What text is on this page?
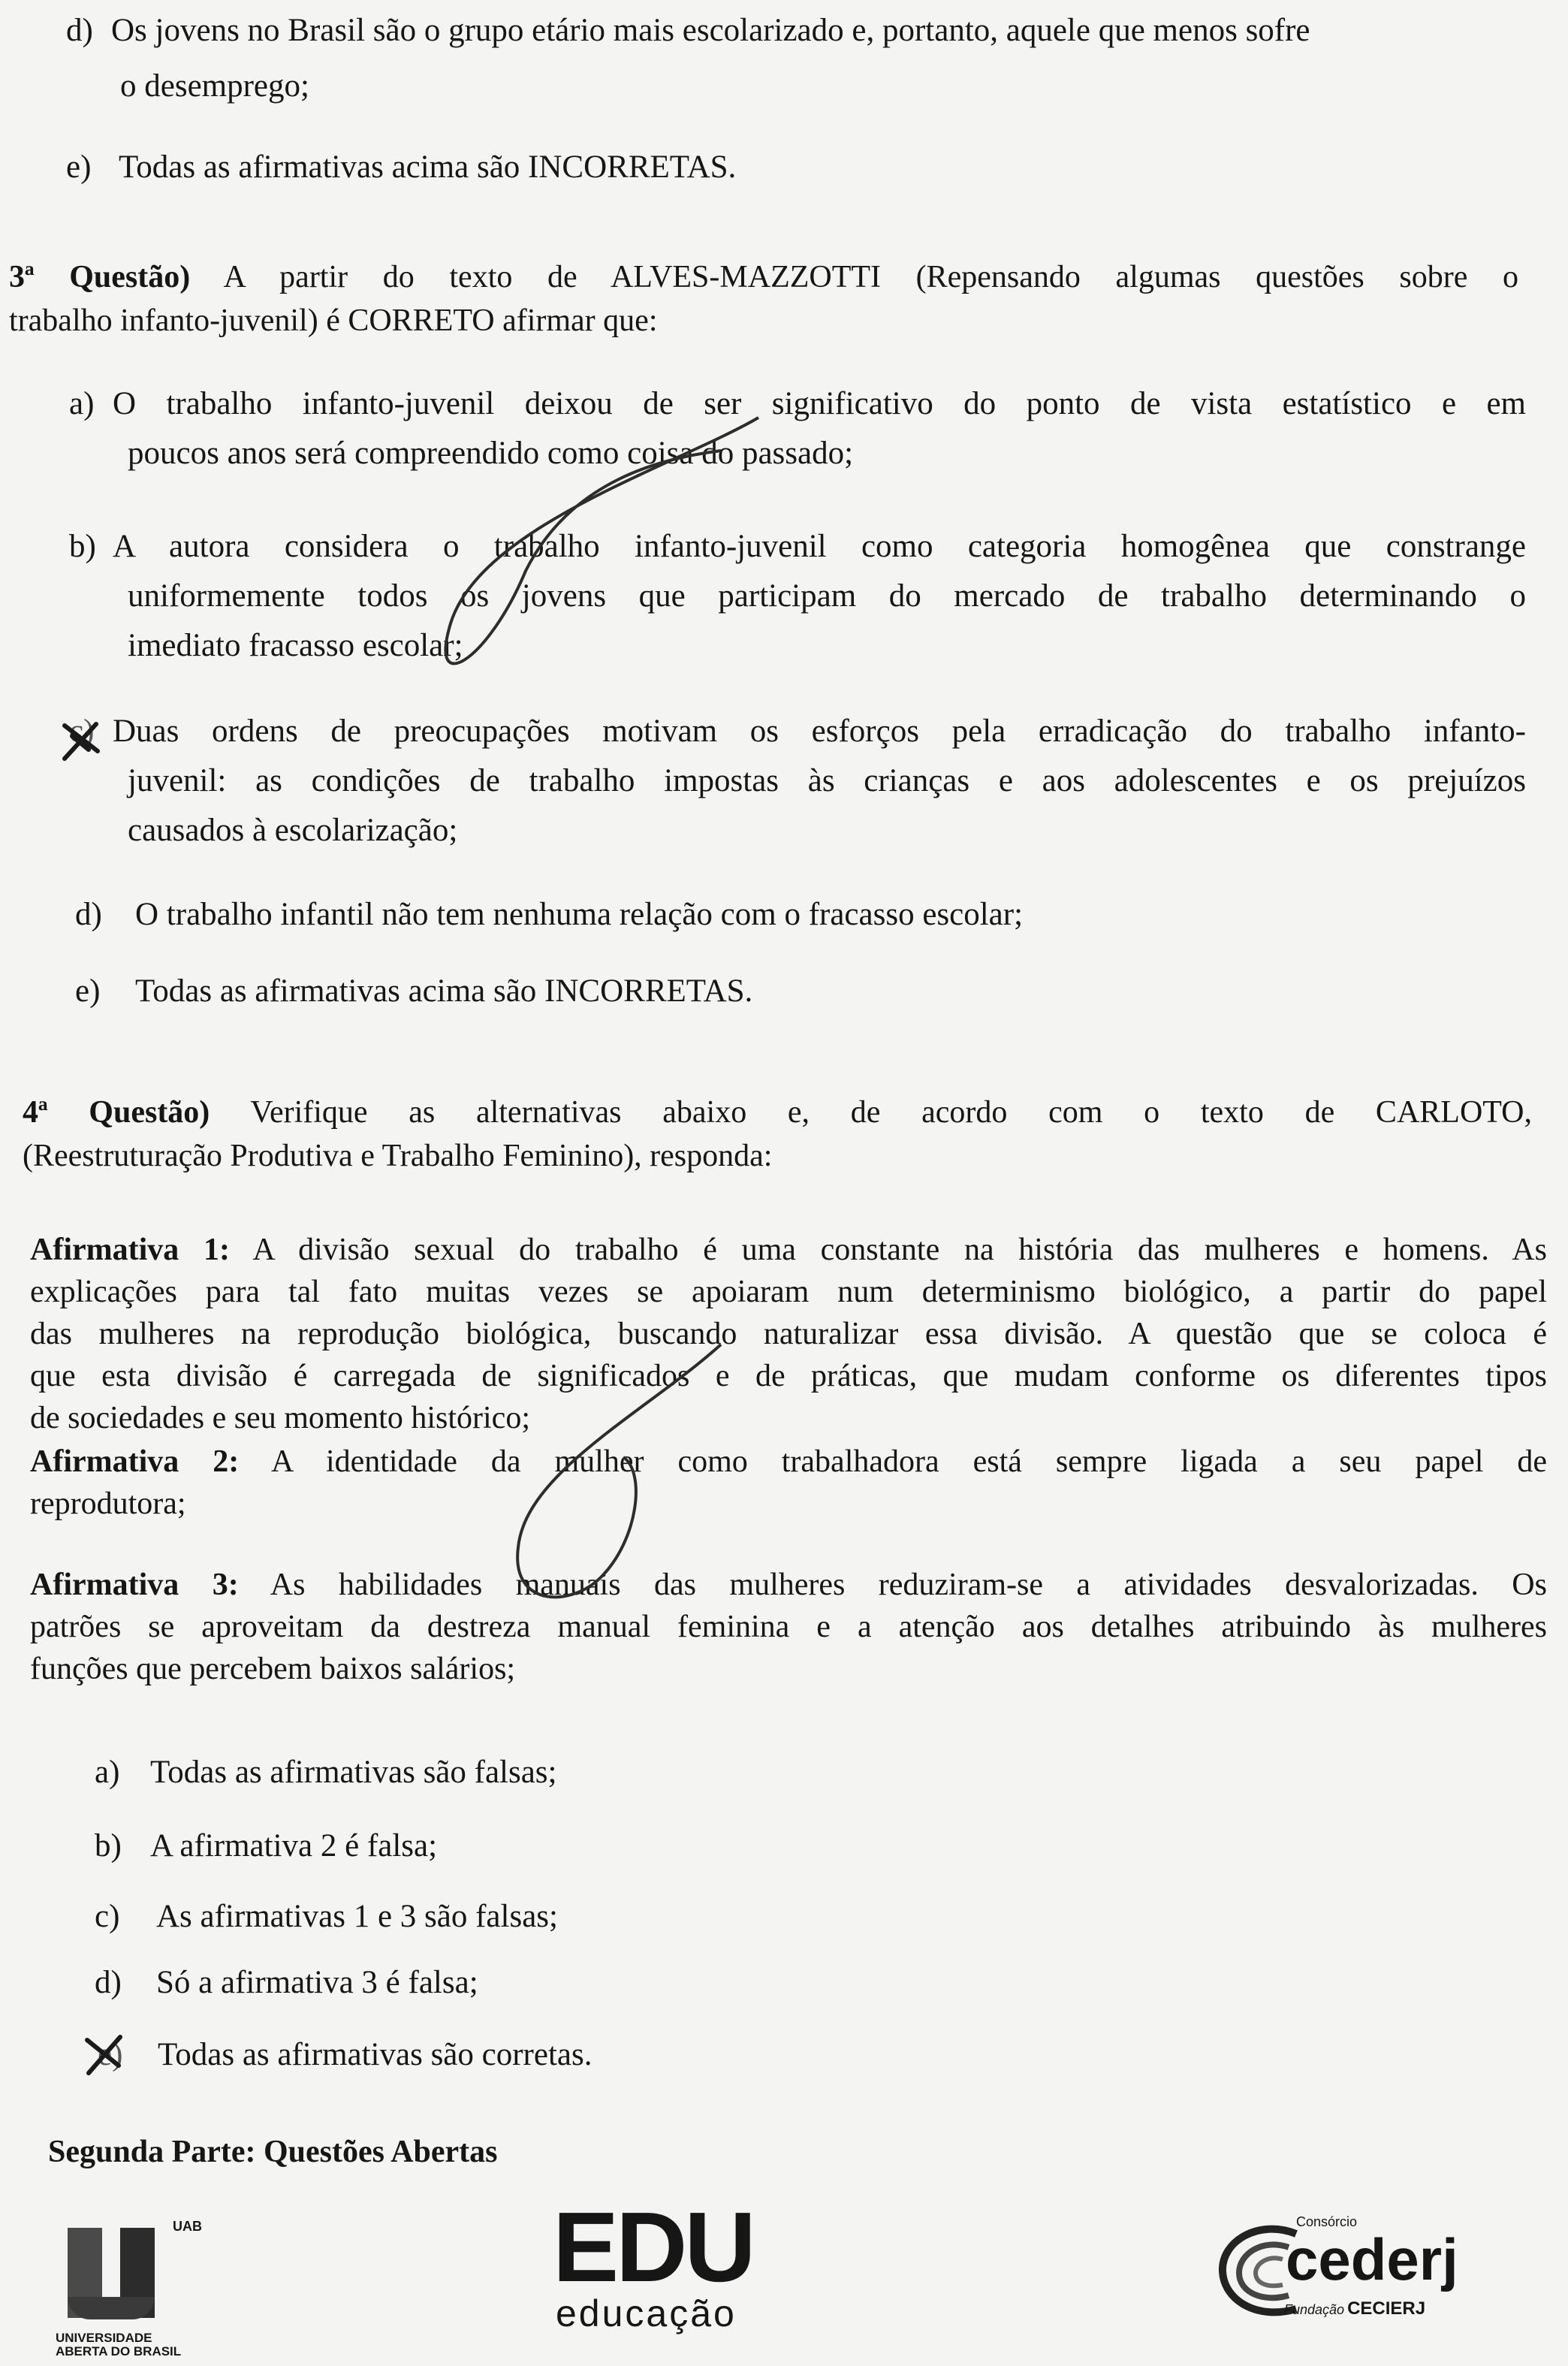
d) Os jovens no Brasil são o grupo etário mais escolarizado e, portanto, aquele que menos sofre
o desemprego;
e) Todas as afirmativas acima são INCORRETAS.
3ª Questão) A partir do texto de ALVES-MAZZOTTI (Repensando algumas questões sobre o
trabalho infanto-juvenil) é CORRETO afirmar que:
a) O trabalho infanto-juvenil deixou de ser significativo do ponto de vista estatístico e em
poucos anos será compreendido como coisa do passado;
b) A autora considera o trabalho infanto-juvenil como categoria homogênea que constrange
uniformemente todos os jovens que participam do mercado de trabalho determinando o
imediato fracasso escolar;
c) Duas ordens de preocupações motivam os esforços pela erradicação do trabalho infanto-
juvenil: as condições de trabalho impostas às crianças e aos adolescentes e os prejuízos
causados à escolarização;
d) O trabalho infantil não tem nenhuma relação com o fracasso escolar;
e) Todas as afirmativas acima são INCORRETAS.
4ª Questão) Verifique as alternativas abaixo e, de acordo com o texto de CARLOTO,
(Reestruturação Produtiva e Trabalho Feminino), responda:
Afirmativa 1: A divisão sexual do trabalho é uma constante na história das mulheres e homens. As
explicações para tal fato muitas vezes se apoiaram num determinismo biológico, a partir do papel
das mulheres na reprodução biológica, buscando naturalizar essa divisão. A questão que se coloca é
que esta divisão é carregada de significados e de práticas, que mudam conforme os diferentes tipos
de sociedades e seu momento histórico;
Afirmativa 2: A identidade da mulher como trabalhadora está sempre ligada a seu papel de
reprodutora;
Afirmativa 3: As habilidades manuais das mulheres reduziram-se a atividades desvalorizadas. Os
patrões se aproveitam da destreza manual feminina e a atenção aos detalhes atribuindo às mulheres
funções que percebem baixos salários;
a) Todas as afirmativas são falsas;
b) A afirmativa 2 é falsa;
c) As afirmativas 1 e 3 são falsas;
d) Só a afirmativa 3 é falsa;
e) Todas as afirmativas são corretas.
Segunda Parte: Questões Abertas
UAB
UNIVERSIDADE
ABERTA DO BRASIL
EDU
educação
Consórcio
cederj
Fundação CECIERJ
